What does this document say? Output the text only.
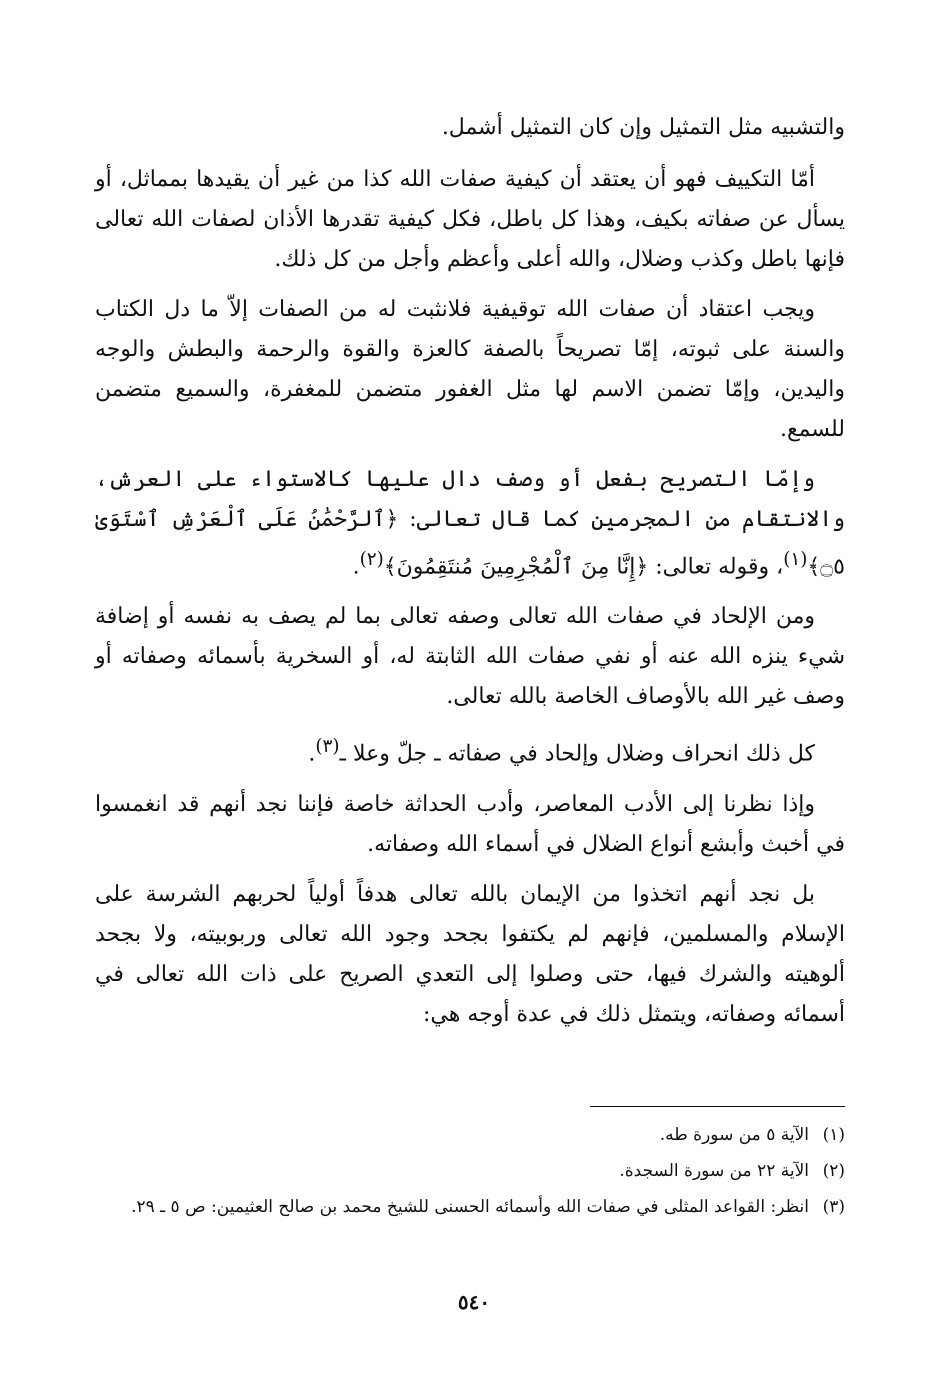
والتشبيه مثل التمثيل وإن كان التمثيل أشمل.

أمّا التكييف فهو أن يعتقد أن كيفية صفات الله كذا من غير أن يقيدها بمماثل، أو يسأل عن صفاته بكيف، وهذا كل باطل، فكل كيفية تقدرها الأذان لصفات الله تعالى فإنها باطل وكذب وضلال، والله أعلى وأعظم وأجل من كل ذلك.

ويجب اعتقاد أن صفات الله توقيفية فلانثبت له من الصفات إلاّ ما دل الكتاب والسنة على ثبوته، إمّا تصريحاً بالصفة كالعزة والقوة والرحمة والبطش والوجه واليدين، وإمّا تضمن الاسم لها مثل الغفور متضمن للمغفرة، والسميع متضمن للسمع.

وإمّا التصريح بفعل أو وصف دال عليها كالاستواء على العرش، والانتقام من المجرمين كما قال تعالى: ﴿ٱلرَّحْمَٰنُ عَلَى ٱلْعَرْشِ ٱسْتَوَىٰ ۝٥﴾$^{(١)}$، وقوله تعالى: ﴿إِنَّا مِنَ ٱلْمُجْرِمِينَ مُنتَقِمُونَ﴾$^{(٢)}$.

ومن الإلحاد في صفات الله تعالى وصفه تعالى بما لم يصف به نفسه أو إضافة شيء ينزه الله عنه أو نفي صفات الله الثابتة له، أو السخرية بأسمائه وصفاته أو وصف غير الله بالأوصاف الخاصة بالله تعالى.

كل ذلك انحراف وضلال وإلحاد في صفاته ـ جلّ وعلا ـ$^{(٣)}$.

وإذا نظرنا إلى الأدب المعاصر، وأدب الحداثة خاصة فإننا نجد أنهم قد انغمسوا في أخبث وأبشع أنواع الضلال في أسماء الله وصفاته.

بل نجد أنهم اتخذوا من الإيمان بالله تعالى هدفاً أولياً لحربهم الشرسة على الإسلام والمسلمين، فإنهم لم يكتفوا بجحد وجود الله تعالى وربوبيته، ولا بجحد ألوهيته والشرك فيها، حتى وصلوا إلى التعدي الصريح على ذات الله تعالى في أسمائه وصفاته، ويتمثل ذلك في عدة أوجه هي:

(١)
الآية ٥ من سورة طه.
(٢)
الآية ٢٢ من سورة السجدة.
(٣)
انظر: القواعد المثلى في صفات الله وأسمائه الحسنى للشيخ محمد بن صالح العثيمين: ص ٥ ـ ٢٩.
٥٤٠
